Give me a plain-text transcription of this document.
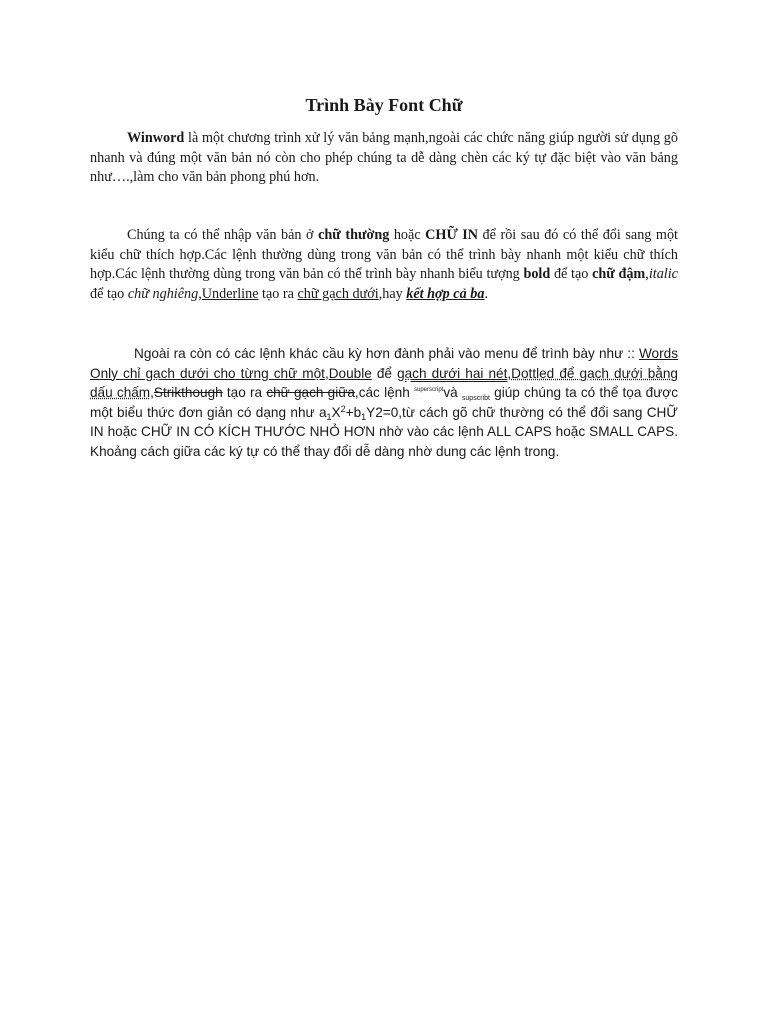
Trình Bày Font Chữ

Winword là một chương trình xử lý văn bảng mạnh,ngoài các chức năng giúp người sử dụng gõ nhanh và đúng một văn bản nó còn cho phép chúng ta dễ dàng chèn các ký tự đặc biệt vào văn bảng như….,làm cho văn bản phong phú hơn.

Chúng ta có thể nhập văn bản ở chữ thường hoặc CHỮ IN để rồi sau đó có thể đổi sang một kiểu chữ thích hợp.Các lệnh thường dùng trong văn bản có thể trình bày nhanh một kiểu chữ thích hợp.Các lệnh thường dùng trong văn bản có thể trình bày nhanh biểu tượng bold để tạo chữ đậm,italic để tạo chữ nghiêng,Underline tạo ra chữ gạch dưới,hay kết hợp cả ba.

Ngoài ra còn có các lệnh khác cầu kỳ hơn đành phải vào menu để trình bày như :: Words Only chỉ gạch dưới cho từng chữ một,Double để gạch dưới hai nét,Dottled để gạch dưới bằng dấu chấm,Strikthough tạo ra chữ gạch giữa,các lệnh $^{superscript}$và $_{supscribt}$ giúp chúng ta có thể tọa được một biểu thức đơn giản có dạng như $a_1X^2+b_1Y2=0,từ$ cách gõ chữ thường có thể đổi sang CHỮ IN hoặc CHỮ IN CÓ KÍCH THƯỚC NHỎ HƠN nhờ vào các lệnh ALL CAPS hoặc SMALL CAPS. Khoảng cách giữa các ký tự có thể thay đổi dễ dàng nhờ dung các lệnh trong.
